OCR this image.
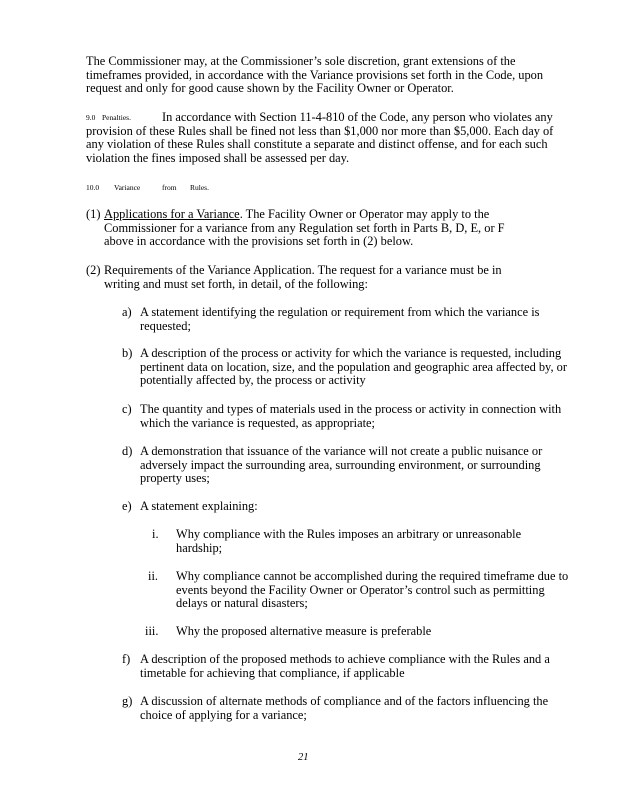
The Commissioner may, at the Commissioner’s sole discretion, grant extensions of the timeframes provided, in accordance with the Variance provisions set forth in the Code, upon request and only for good cause shown by the Facility Owner or Operator.

9.0 Penalties.	In accordance with Section 11-4-810 of the Code, any person who violates any provision of these Rules shall be fined not less than $1,000 nor more than $5,000. Each day of any violation of these Rules shall constitute a separate and distinct offense, and for each such violation the fines imposed shall be assessed per day.

10.0 Variance	from Rules.
(1) Applications for a Variance. The Facility Owner or Operator may apply to the Commissioner for a variance from any Regulation set forth in Parts B, D, E, or F above in accordance with the provisions set forth in (2) below.

(2) Requirements of the Variance Application. The request for a variance must be in writing and must set forth, in detail, of the following:

a) A statement identifying the regulation or requirement from which the variance is requested;

b) A description of the process or activity for which the variance is requested, including pertinent data on location, size, and the population and geographic area affected by, or potentially affected by, the process or activity

c) The quantity and types of materials used in the process or activity in connection with which the variance is requested, as appropriate;

d) A demonstration that issuance of the variance will not create a public nuisance or adversely impact the surrounding area, surrounding environment, or surrounding property uses;

e) A statement explaining:

i. Why compliance with the Rules imposes an arbitrary or unreasonable hardship;

ii. Why compliance cannot be accomplished during the required timeframe due to events beyond the Facility Owner or Operator’s control such as permitting delays or natural disasters;

iii. Why the proposed alternative measure is preferable

f) A description of the proposed methods to achieve compliance with the Rules and a timetable for achieving that compliance, if applicable

g) A discussion of alternate methods of compliance and of the factors influencing the choice of applying for a variance;

21
